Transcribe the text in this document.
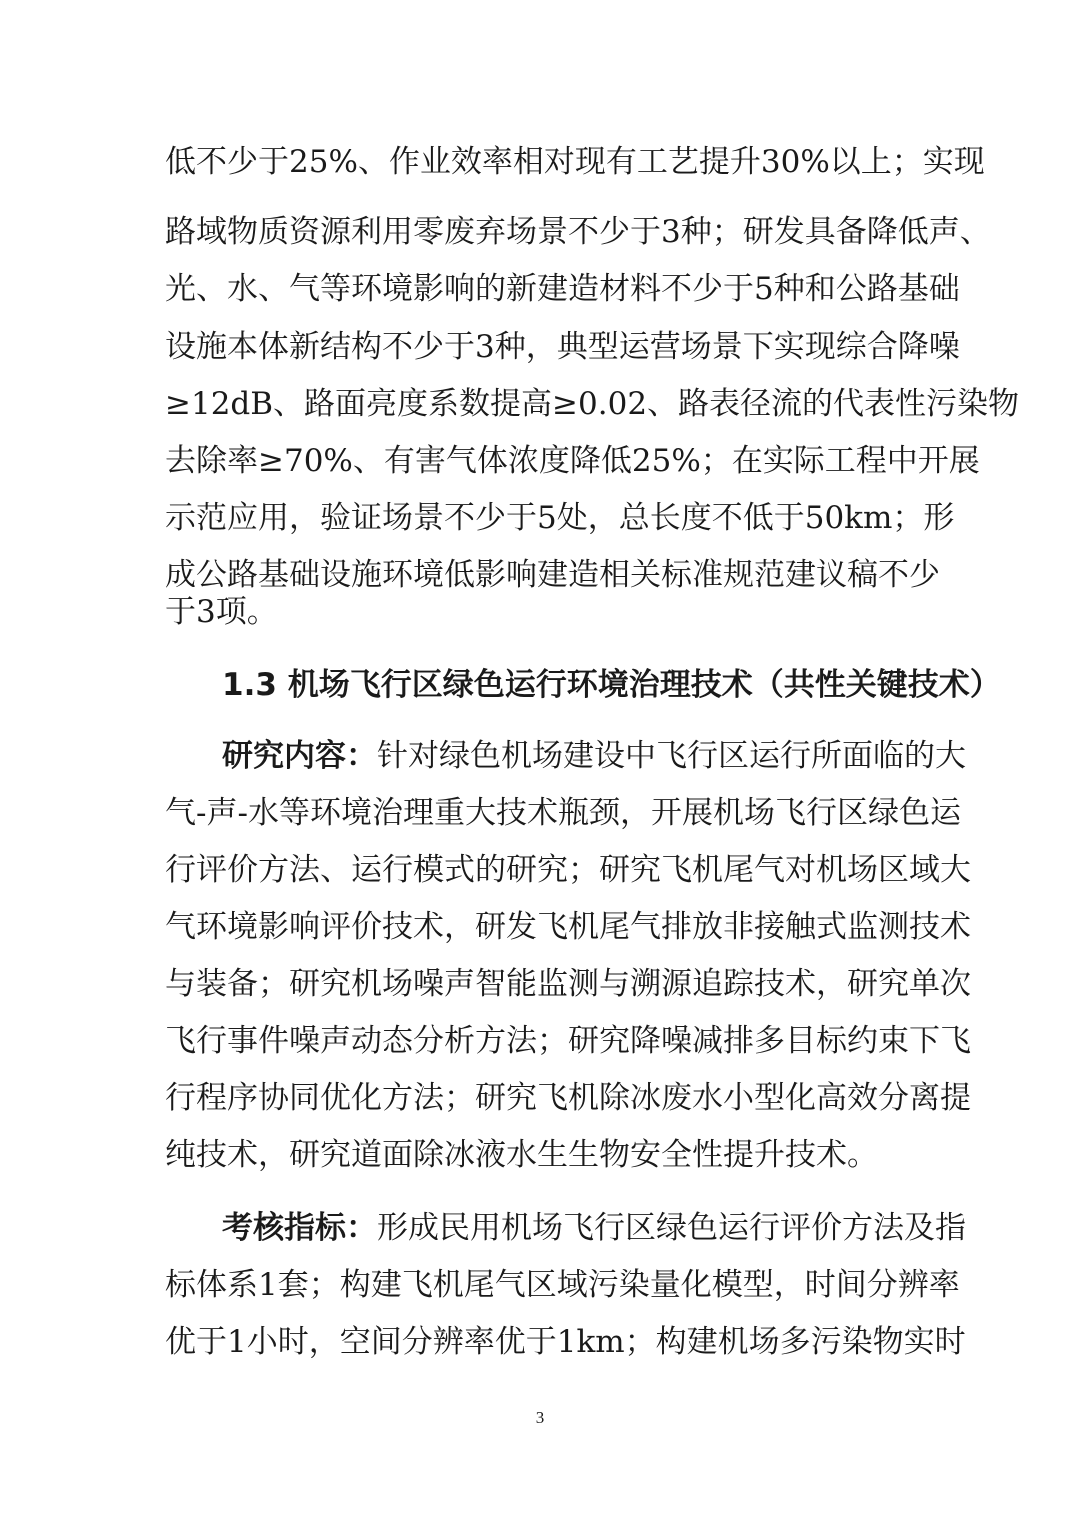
低不少于25%、作业效率相对现有工艺提升30%以上；实现
路域物质资源利用零废弃场景不少于3种；研发具备降低声、
光、水、气等环境影响的新建造材料不少于5种和公路基础
设施本体新结构不少于3种，典型运营场景下实现综合降噪
≥12dB、路面亮度系数提高≥0.02、路表径流的代表性污染物
去除率≥70%、有害气体浓度降低25%；在实际工程中开展
示范应用，验证场景不少于5处，总长度不低于50km；形
成公路基础设施环境低影响建造相关标准规范建议稿不少
于3项。
1.3 机场飞行区绿色运行环境治理技术（共性关键技术）
研究内容：针对绿色机场建设中飞行区运行所面临的大
气-声-水等环境治理重大技术瓶颈，开展机场飞行区绿色运
行评价方法、运行模式的研究；研究飞机尾气对机场区域大
气环境影响评价技术，研发飞机尾气排放非接触式监测技术
与装备；研究机场噪声智能监测与溯源追踪技术，研究单次
飞行事件噪声动态分析方法；研究降噪减排多目标约束下飞
行程序协同优化方法；研究飞机除冰废水小型化高效分离提
纯技术，研究道面除冰液水生生物安全性提升技术。
考核指标：形成民用机场飞行区绿色运行评价方法及指
标体系1套；构建飞机尾气区域污染量化模型，时间分辨率
优于1小时，空间分辨率优于1km；构建机场多污染物实时
3
